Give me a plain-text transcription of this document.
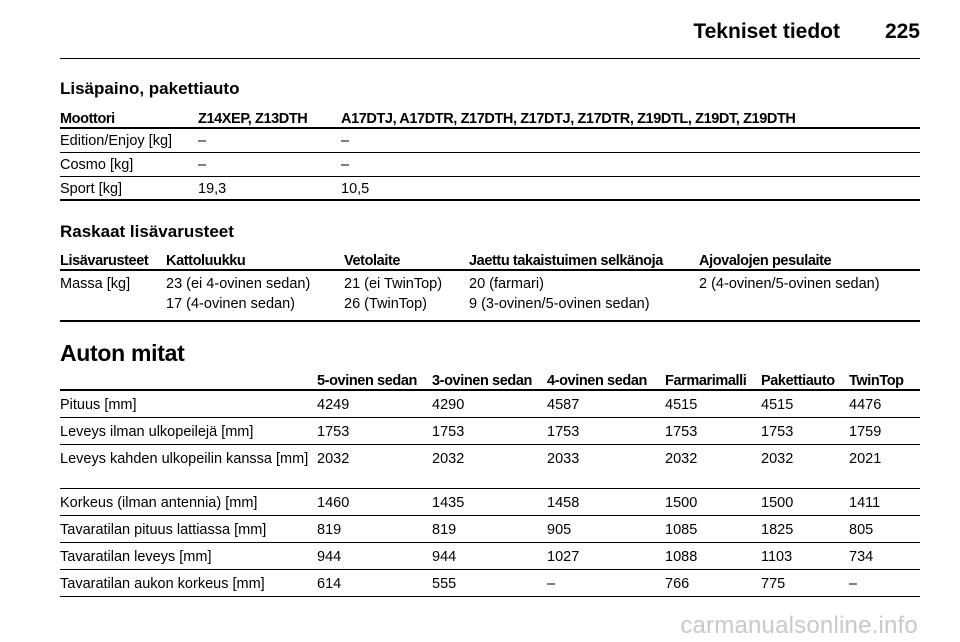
Tekniset tiedot 225
Lisäpaino, pakettiauto
Moottori	Z14XEP, Z13DTH	A17DTJ, A17DTR, Z17DTH, Z17DTJ, Z17DTR, Z19DTL, Z19DT, Z19DTH
Edition/Enjoy [kg]	–	–
Cosmo [kg]	–	–
Sport [kg]	19,3	10,5
Raskaat lisävarusteet
Lisävarusteet	Kattoluukku	Vetolaite	Jaettu takaistuimen selkänoja	Ajovalojen pesulaite
Massa [kg]	23 (ei 4-ovinen sedan)	21 (ei TwinTop)	20 (farmari)	2 (4-ovinen/5-ovinen sedan)
	17 (4-ovinen sedan)	26 (TwinTop)	9 (3-ovinen/5-ovinen sedan)	
Auton mitat
	5-ovinen sedan	3-ovinen sedan	4-ovinen sedan	Farmarimalli	Pakettiauto	TwinTop
Pituus [mm]	4249	4290	4587	4515	4515	4476
Leveys ilman ulkopeilejä [mm]	1753	1753	1753	1753	1753	1759
Leveys kahden ulkopeilin kanssa [mm]	2032	2032	2033	2032	2032	2021
Korkeus (ilman antennia) [mm]	1460	1435	1458	1500	1500	1411
Tavaratilan pituus lattiassa [mm]	819	819	905	1085	1825	805
Tavaratilan leveys [mm]	944	944	1027	1088	1103	734
Tavaratilan aukon korkeus [mm]	614	555	–	766	775	–
carmanualsonline.info
